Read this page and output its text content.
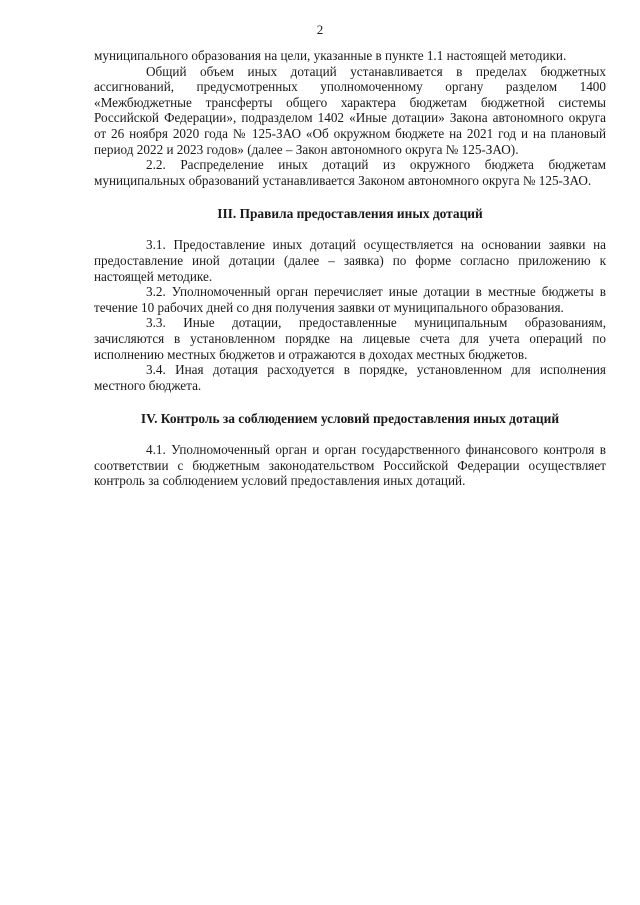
2

муниципального образования на цели, указанные в пункте 1.1 настоящей методики.

Общий объем иных дотаций устанавливается в пределах бюджетных ассигнований, предусмотренных уполномоченному органу разделом 1400 «Межбюджетные трансферты общего характера бюджетам бюджетной системы Российской Федерации», подразделом 1402 «Иные дотации» Закона автономного округа от 26 ноября 2020 года № 125-ЗАО «Об окружном бюджете на 2021 год и на плановый период 2022 и 2023 годов» (далее – Закон автономного округа № 125-ЗАО).

2.2. Распределение иных дотаций из окружного бюджета бюджетам муниципальных образований устанавливается Законом автономного округа № 125-ЗАО.

III. Правила предоставления иных дотаций

3.1. Предоставление иных дотаций осуществляется на основании заявки на предоставление иной дотации (далее – заявка) по форме согласно приложению к настоящей методике.

3.2. Уполномоченный орган перечисляет иные дотации в местные бюджеты в течение 10 рабочих дней со дня получения заявки от муниципального образования.

3.3. Иные дотации, предоставленные муниципальным образованиям, зачисляются в установленном порядке на лицевые счета для учета операций по исполнению местных бюджетов и отражаются в доходах местных бюджетов.

3.4. Иная дотация расходуется в порядке, установленном для исполнения местного бюджета.

IV. Контроль за соблюдением условий предоставления иных дотаций

4.1. Уполномоченный орган и орган государственного финансового контроля в соответствии с бюджетным законодательством Российской Федерации осуществляет контроль за соблюдением условий предоставления иных дотаций.
